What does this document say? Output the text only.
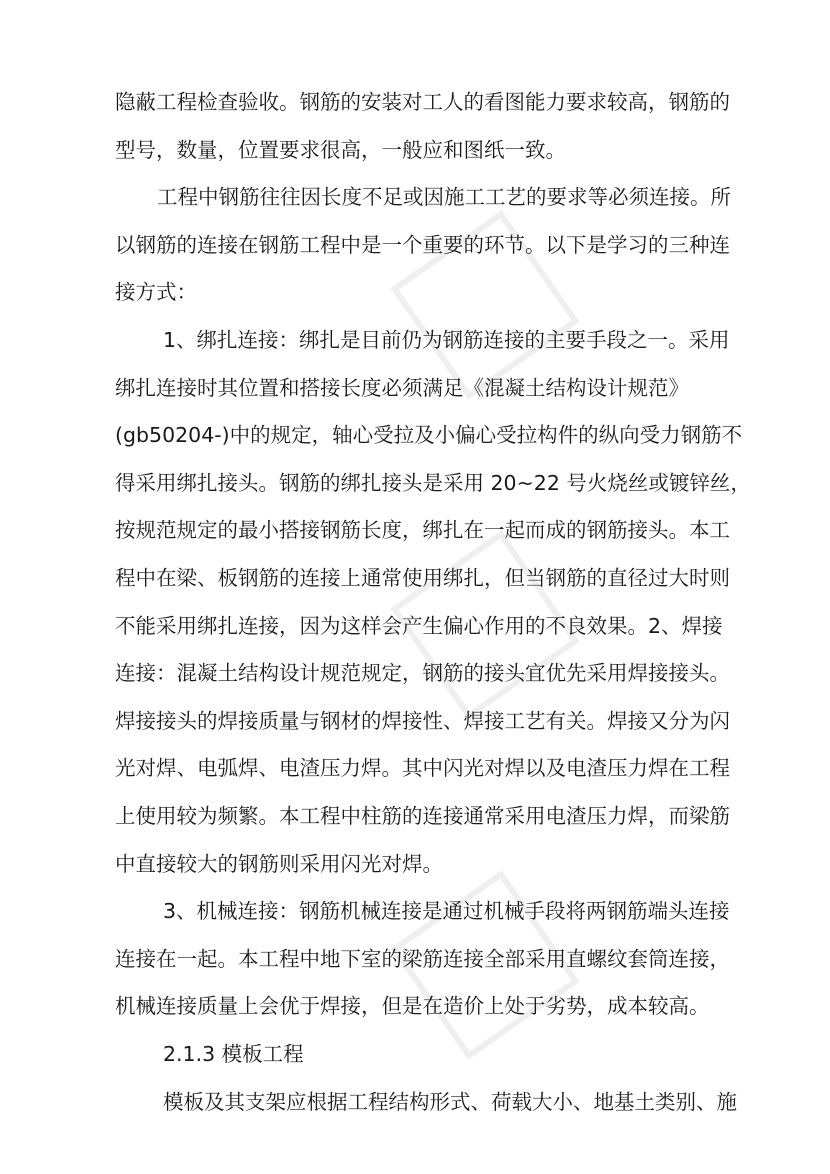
隐蔽工程检查验收。钢筋的安装对工人的看图能力要求较高，钢筋的
型号，数量，位置要求很高，一般应和图纸一致。
工程中钢筋往往因长度不足或因施工工艺的要求等必须连接。所
以钢筋的连接在钢筋工程中是一个重要的环节。以下是学习的三种连
接方式：
1、绑扎连接：绑扎是目前仍为钢筋连接的主要手段之一。采用
绑扎连接时其位置和搭接长度必须满足《混凝土结构设计规范》
(gb50204-)中的规定，轴心受拉及小偏心受拉构件的纵向受力钢筋不
得采用绑扎接头。钢筋的绑扎接头是采用 20~22 号火烧丝或镀锌丝，
按规范规定的最小搭接钢筋长度，绑扎在一起而成的钢筋接头。本工
程中在梁、板钢筋的连接上通常使用绑扎，但当钢筋的直径过大时则
不能采用绑扎连接，因为这样会产生偏心作用的不良效果。2、焊接
连接：混凝土结构设计规范规定，钢筋的接头宜优先采用焊接接头。
焊接接头的焊接质量与钢材的焊接性、焊接工艺有关。焊接又分为闪
光对焊、电弧焊、电渣压力焊。其中闪光对焊以及电渣压力焊在工程
上使用较为频繁。本工程中柱筋的连接通常采用电渣压力焊，而梁筋
中直接较大的钢筋则采用闪光对焊。
3、机械连接：钢筋机械连接是通过机械手段将两钢筋端头连接
连接在一起。本工程中地下室的梁筋连接全部采用直螺纹套筒连接，
机械连接质量上会优于焊接，但是在造价上处于劣势，成本较高。
2.1.3 模板工程
模板及其支架应根据工程结构形式、荷载大小、地基土类别、施
